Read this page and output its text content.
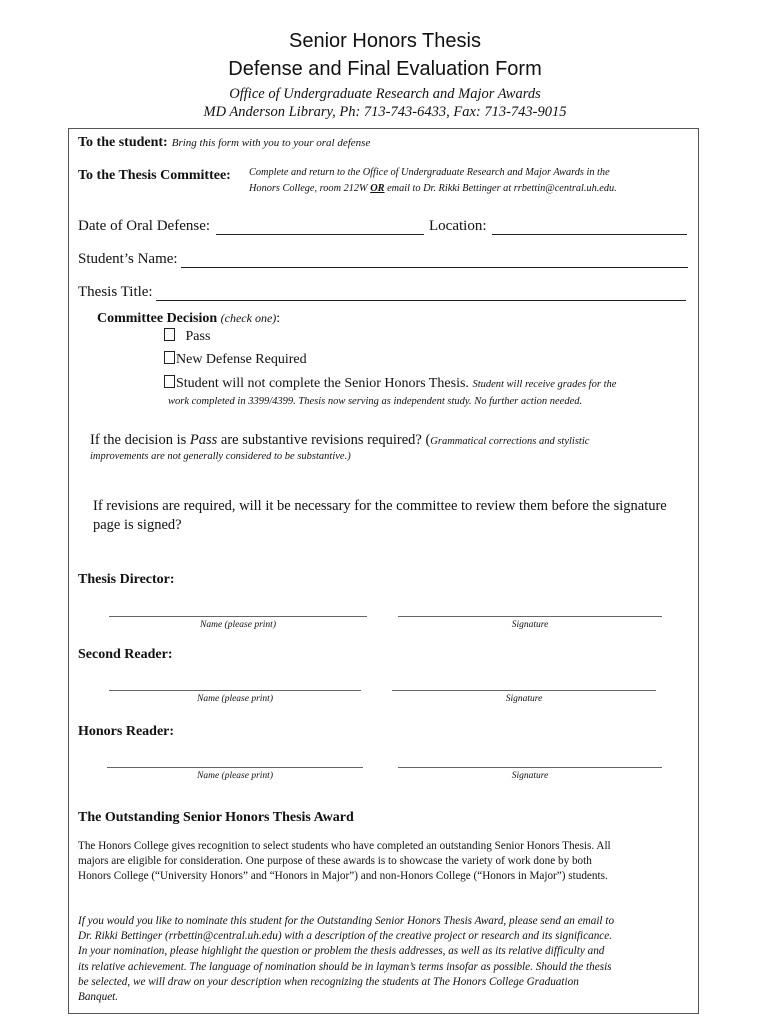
Senior Honors Thesis
Defense and Final Evaluation Form
Office of Undergraduate Research and Major Awards
MD Anderson Library, Ph: 713-743-6433, Fax: 713-743-9015
To the student: Bring this form with you to your oral defense
To the Thesis Committee: Complete and return to the Office of Undergraduate Research and Major Awards in the
Honors College, room 212W OR email to Dr. Rikki Bettinger at rrbettin@central.uh.edu.
Date of Oral Defense:	Location:
Student’s Name:
Thesis Title:
Committee Decision (check one):
Pass
New Defense Required
Student will not complete the Senior Honors Thesis. Student will receive grades for the
work completed in 3399/4399. Thesis now serving as independent study. No further action needed.
If the decision is Pass are substantive revisions required? (Grammatical corrections and stylistic
improvements are not generally considered to be substantive.)
If revisions are required, will it be necessary for the committee to review them before the signature
page is signed?
Thesis Director:
Name (please print)	Signature
Second Reader:
Name (please print)	Signature
Honors Reader:
Name (please print)	Signature
The Outstanding Senior Honors Thesis Award
The Honors College gives recognition to select students who have completed an outstanding Senior Honors Thesis. All
majors are eligible for consideration. One purpose of these awards is to showcase the variety of work done by both
Honors College (“University Honors” and “Honors in Major”) and non-Honors College (“Honors in Major”) students.
If you would you like to nominate this student for the Outstanding Senior Honors Thesis Award, please send an email to
Dr. Rikki Bettinger (rrbettin@central.uh.edu) with a description of the creative project or research and its significance.
In your nomination, please highlight the question or problem the thesis addresses, as well as its relative difficulty and
its relative achievement. The language of nomination should be in layman’s terms insofar as possible. Should the thesis
be selected, we will draw on your description when recognizing the students at The Honors College Graduation
Banquet.
